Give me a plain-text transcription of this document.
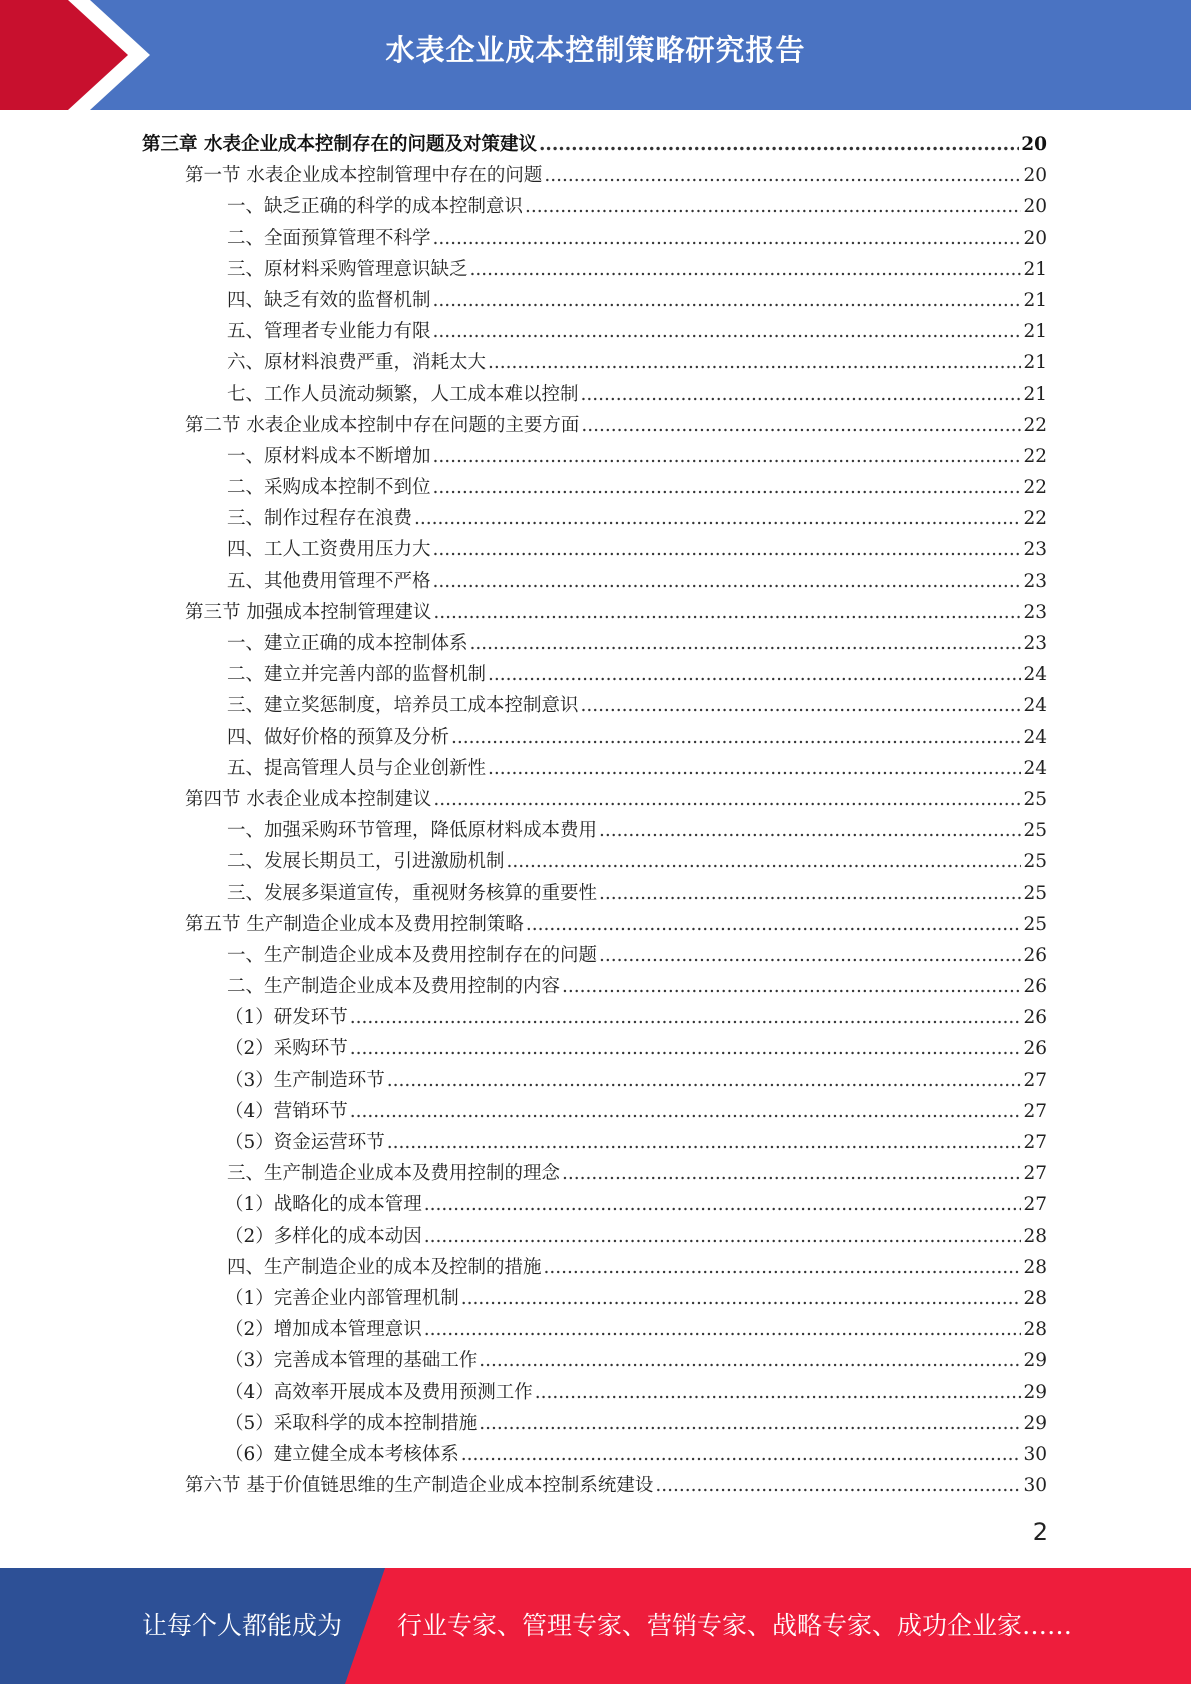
水表企业成本控制策略研究报告
第三章 水表企业成本控制存在的问题及对策建议 .....	20
第一节 水表企业成本控制管理中存在的问题 .....	20
一、缺乏正确的科学的成本控制意识 .....	20
二、全面预算管理不科学 .....	20
三、原材料采购管理意识缺乏 .....	21
四、缺乏有效的监督机制 .....	21
五、管理者专业能力有限 .....	21
六、原材料浪费严重，消耗太大 .....	21
七、工作人员流动频繁，人工成本难以控制 .....	21
第二节 水表企业成本控制中存在问题的主要方面 .....	22
一、原材料成本不断增加 .....	22
二、采购成本控制不到位 .....	22
三、制作过程存在浪费 .....	22
四、工人工资费用压力大 .....	23
五、其他费用管理不严格 .....	23
第三节 加强成本控制管理建议 .....	23
一、建立正确的成本控制体系 .....	23
二、建立并完善内部的监督机制 .....	24
三、建立奖惩制度，培养员工成本控制意识 .....	24
四、做好价格的预算及分析 .....	24
五、提高管理人员与企业创新性 .....	24
第四节 水表企业成本控制建议 .....	25
一、加强采购环节管理，降低原材料成本费用 .....	25
二、发展长期员工，引进激励机制 .....	25
三、发展多渠道宣传，重视财务核算的重要性 .....	25
第五节 生产制造企业成本及费用控制策略 .....	25
一、生产制造企业成本及费用控制存在的问题 .....	26
二、生产制造企业成本及费用控制的内容 .....	26
（1）研发环节 .....	26
（2）采购环节 .....	26
（3）生产制造环节 .....	27
（4）营销环节 .....	27
（5）资金运营环节 .....	27
三、生产制造企业成本及费用控制的理念 .....	27
（1）战略化的成本管理 .....	27
（2）多样化的成本动因 .....	28
四、生产制造企业的成本及控制的措施 .....	28
（1）完善企业内部管理机制 .....	28
（2）增加成本管理意识 .....	28
（3）完善成本管理的基础工作 .....	29
（4）高效率开展成本及费用预测工作 .....	29
（5）采取科学的成本控制措施 .....	29
（6）建立健全成本考核体系 .....	30
第六节 基于价值链思维的生产制造企业成本控制系统建设 .....	30
2
让每个人都能成为 行业专家、管理专家、营销专家、战略专家、成功企业家……
